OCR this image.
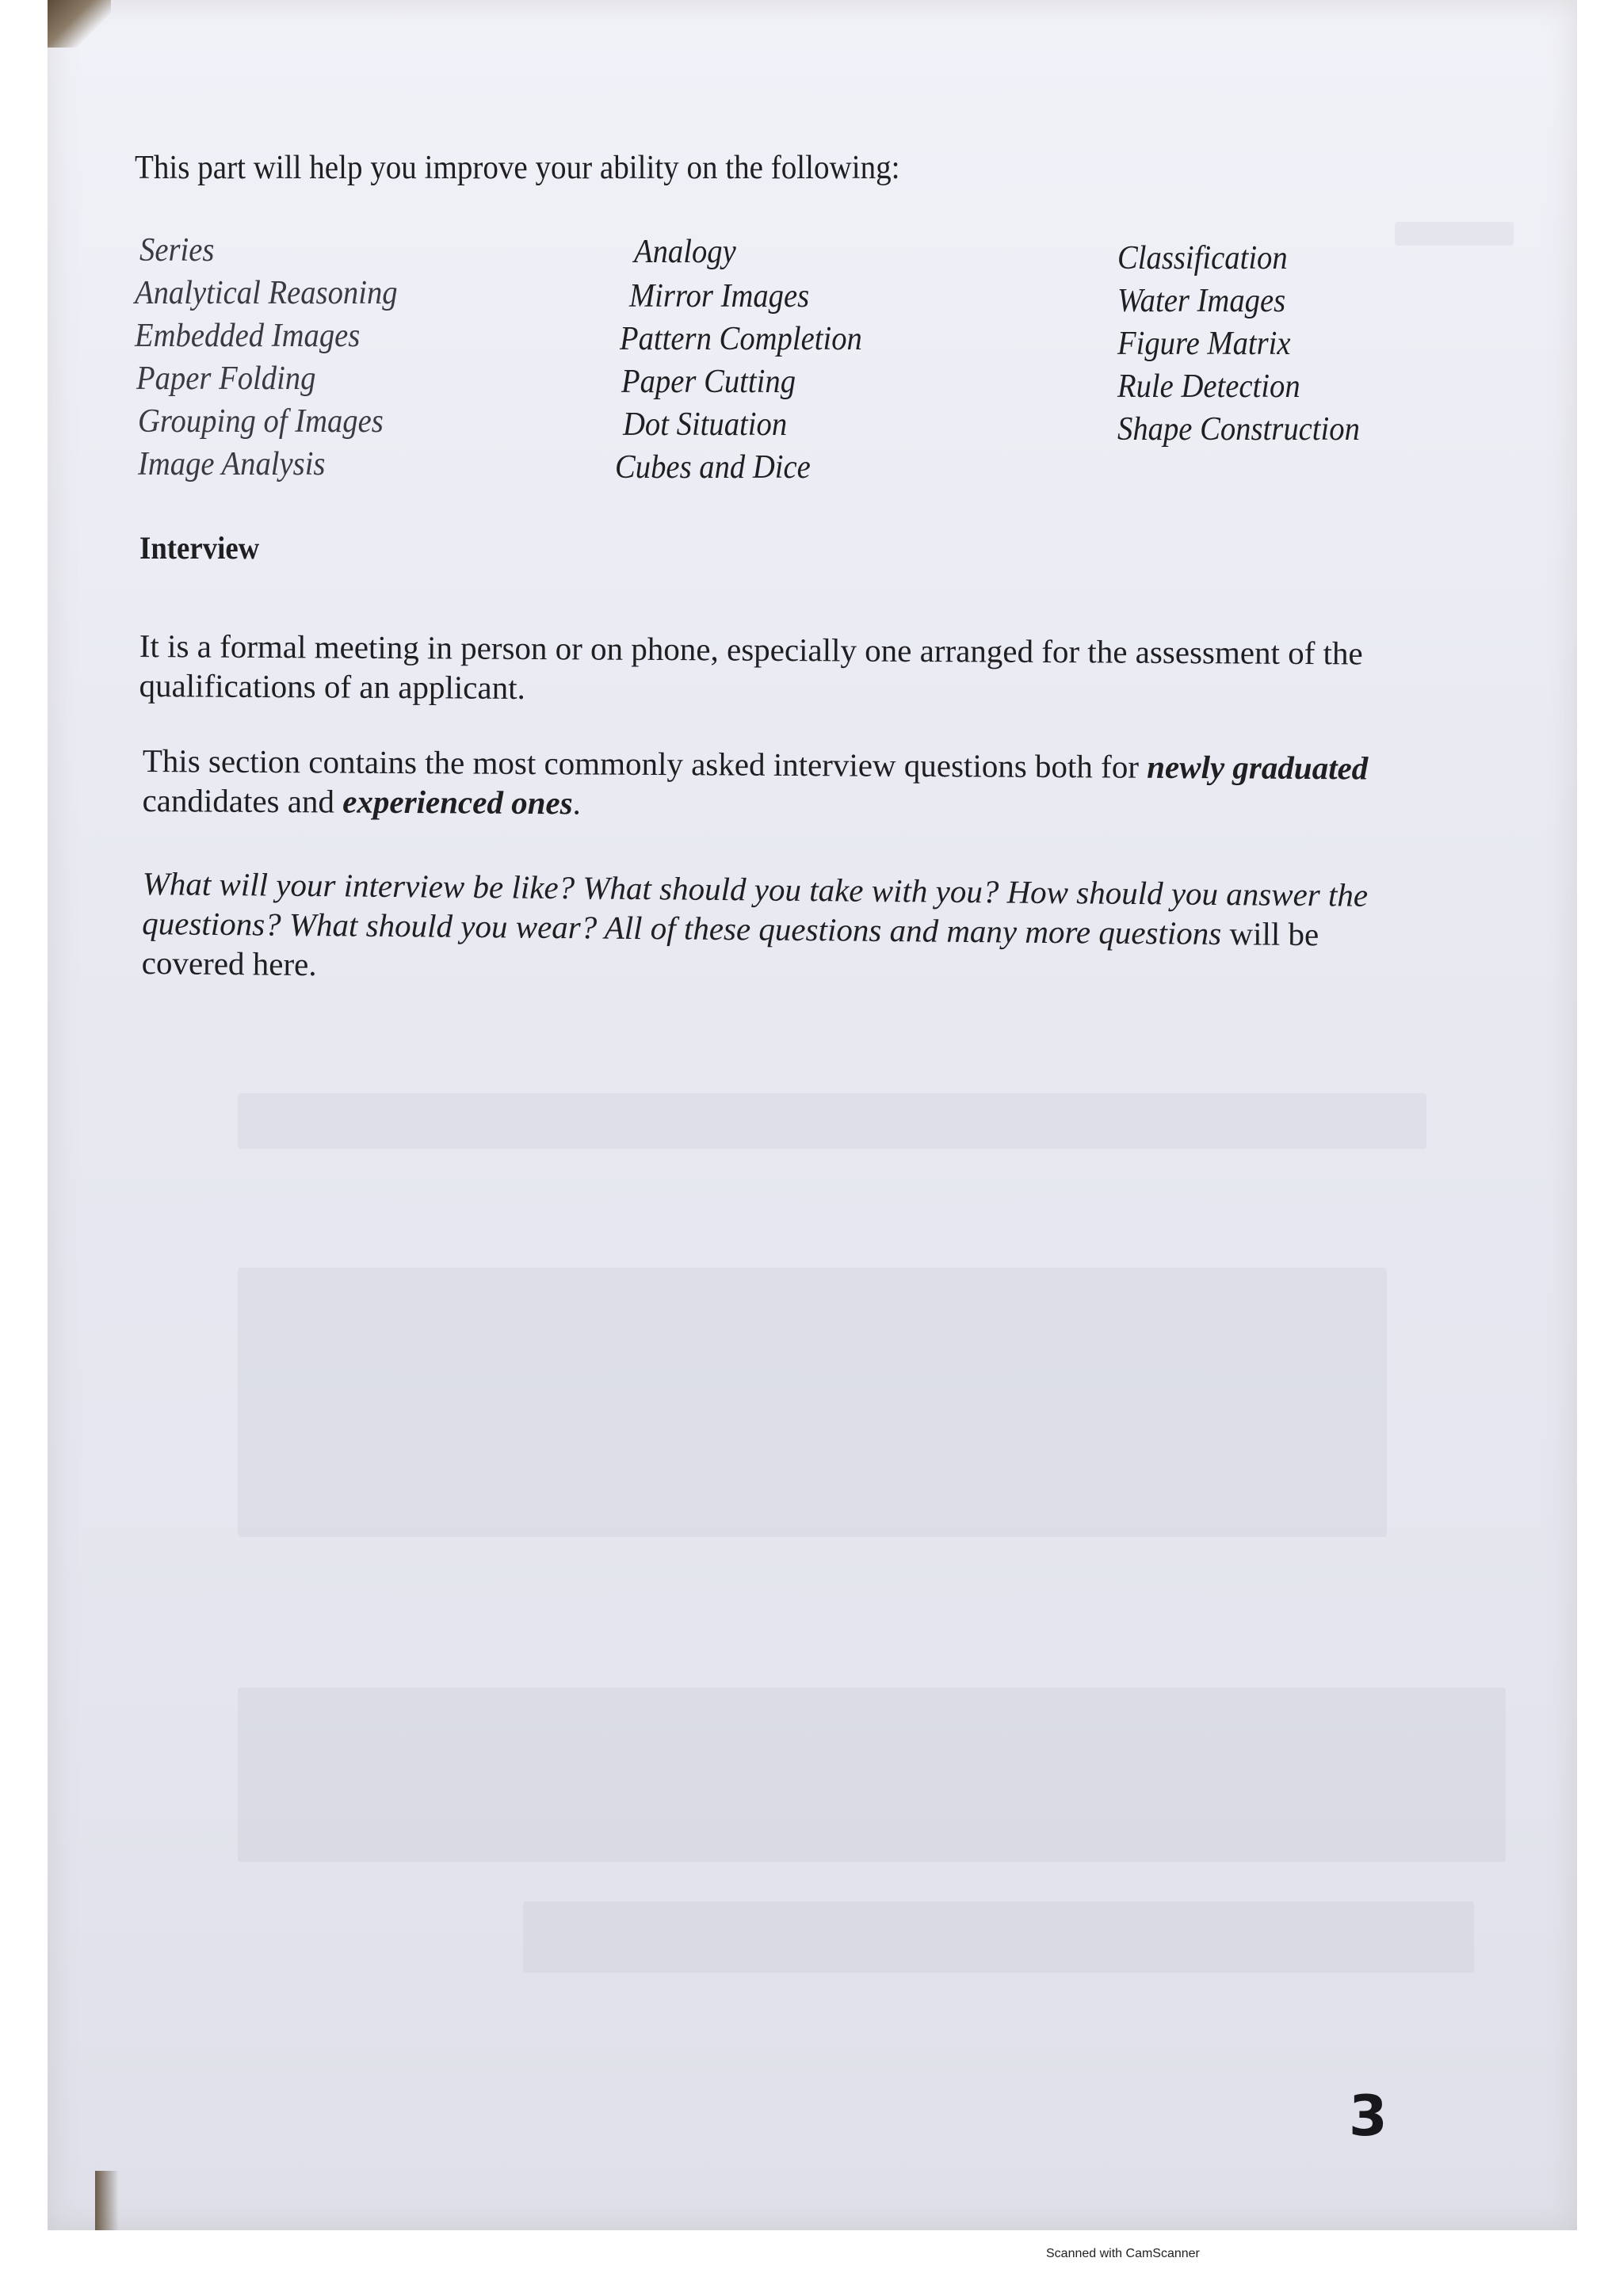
This part will help you improve your ability on the following:
Series
Analytical Reasoning
Embedded Images
Paper Folding
Grouping of Images
Image Analysis
Analogy
Mirror Images
Pattern Completion
Paper Cutting
Dot Situation
Cubes and Dice
Classification
Water Images
Figure Matrix
Rule Detection
Shape Construction
Interview
It is a formal meeting in person or on phone, especially one arranged for the assessment of the qualifications of an applicant.
This section contains the most commonly asked interview questions both for newly graduated candidates and experienced ones.
What will your interview be like? What should you take with you? How should you answer the questions? What should you wear? All of these questions and many more questions will be covered here.
3
Scanned with CamScanner
